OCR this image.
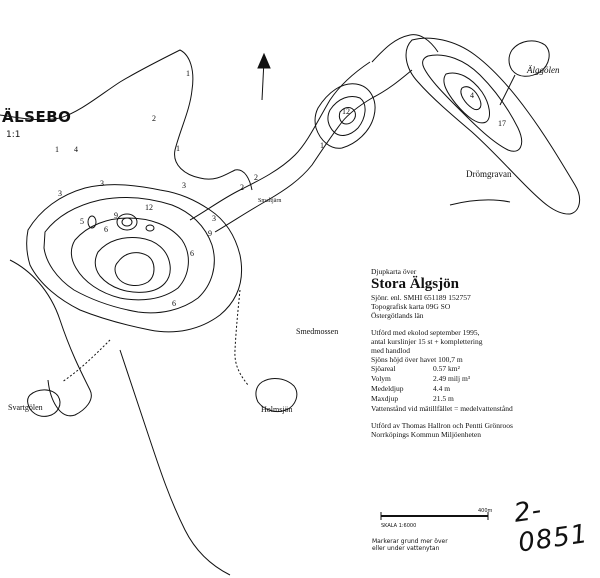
ÄLSEBO
1:1
Älggölen
Drömgravan
Smedmossen
Svartgölen	Holmsjön
Smaltjärn
1
2
1
3
5
6
9
12
2
3
6
9
12
17
2
3
1 4
6
3
1
4
Djupkarta över
Stora Älgsjön
Sjönr. enl. SMHI 651189 152757
Topografisk karta 09G SO
Östergötlands län
Utförd med ekolod september 1995,
antal kurslinjer 15 st + komplettering
med handlod
Sjöns höjd över havet 100,7 m
Sjöareal	0.57 km²
Volym	2.49 milj m³
Medeldjup	4.4 m
Maxdjup	21.5 m
Vattenstånd vid mätillfället = medelvattenstånd
Utförd av Thomas Hallron och Pentti Grönroos
Norrköpings Kommun Miljöenheten
400m
SKALA 1:6000
Markerar grund mer över
eller under vattenytan
2-0851
